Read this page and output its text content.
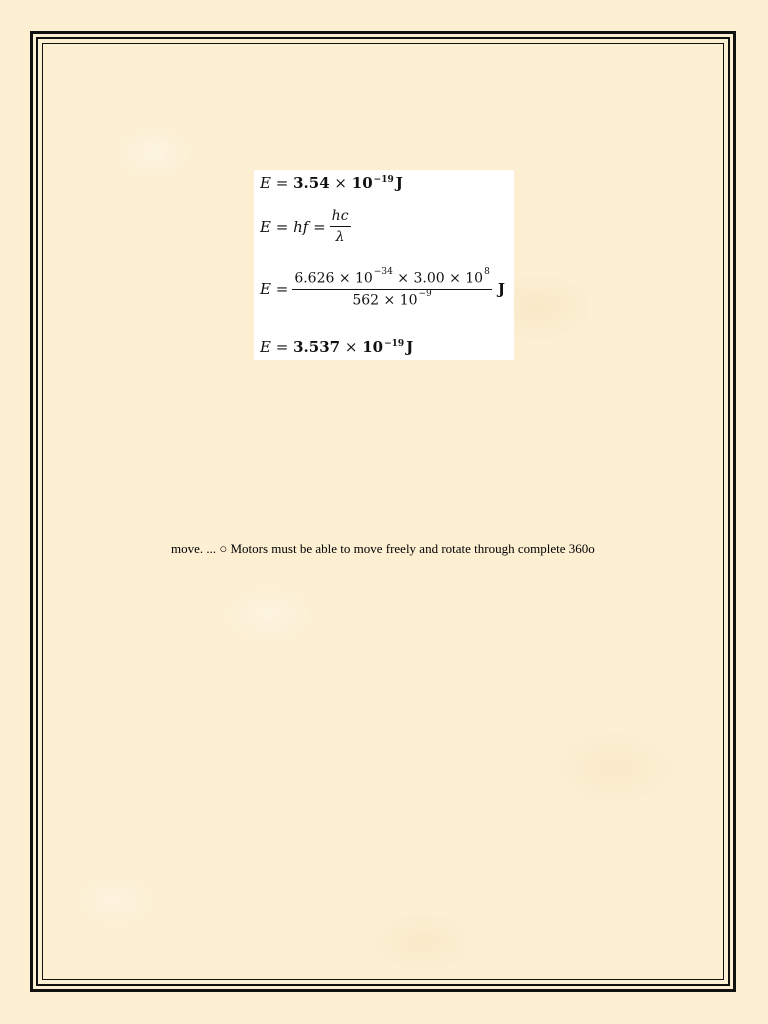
E
=
3.54
×
10 −19 J
E
=
hf
= $\frac{hc}{\lambda}$
E
= $\frac{6.626 \times 10^{-34} \times 3.00 \times 10^8}{562 \times 10^{-9}}$ J
E
=
3.537
×
10 −19 J
move. ... ○ Motors must be able to move freely and rotate through complete 360o
